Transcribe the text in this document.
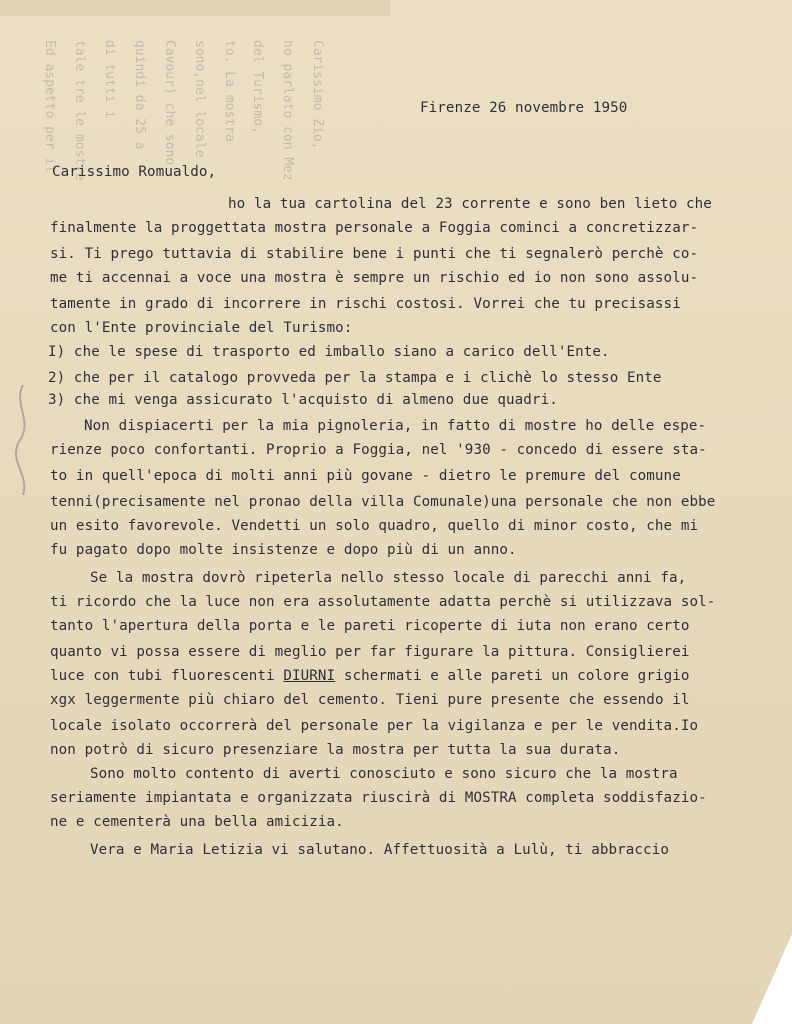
Carissimo Zio,
ho parlato con Mez
del Turismo,
to. La mostra
sono,nel locale
Cavour) che sono
quindi da 25 a
di tutti i
tale tre le mostre
Ed aspetto per il	Firenze 26 novembre 1950
Carissimo Romualdo,
ho la tua cartolina del 23 corrente e sono ben lieto che
finalmente la proggettata mostra personale a Foggia cominci a concretizzar-
si. Ti prego tuttavia di stabilire bene i punti che ti segnalerò perchè co-
me ti accennai a voce una mostra è sempre un rischio ed io non sono assolu-
tamente in grado di incorrere in rischi costosi. Vorrei che tu precisassi
con l'Ente provinciale del Turismo:
I) che le spese di trasporto ed imballo siano a carico dell'Ente.
2) che per il catalogo provveda per la stampa e i clichè lo stesso Ente
3) che mi venga assicurato l'acquisto di almeno due quadri.
Non dispiacerti per la mia pignoleria, in fatto di mostre ho delle espe-
rienze poco confortanti. Proprio a Foggia, nel '930 - concedo di essere sta-
to in quell'epoca di molti anni più govane - dietro le premure del comune
tenni(precisamente nel pronao della villa Comunale)una personale che non ebbe
un esito favorevole. Vendetti un solo quadro, quello di minor costo, che mi
fu pagato dopo molte insistenze e dopo più di un anno.
Se la mostra dovrò ripeterla nello stesso locale di parecchi anni fa,
ti ricordo che la luce non era assolutamente adatta perchè si utilizzava sol-
tanto l'apertura della porta e le pareti ricoperte di iuta non erano certo
quanto vi possa essere di meglio per far figurare la pittura. Consiglierei
luce con tubi fluorescenti DIURNI schermati e alle pareti un colore grigio
xgx leggermente più chiaro del cemento. Tieni pure presente che essendo il
locale isolato occorrerà del personale per la vigilanza e per le vendita.Io
non potrò di sicuro presenziare la mostra per tutta la sua durata.
Sono molto contento di averti conosciuto e sono sicuro che la mostra
seriamente impiantata e organizzata riuscirà di MOSTRA completa soddisfazio-
ne e cementerà una bella amicizia.
Vera e Maria Letizia vi salutano. Affettuosità a Lulù, ti abbraccio
